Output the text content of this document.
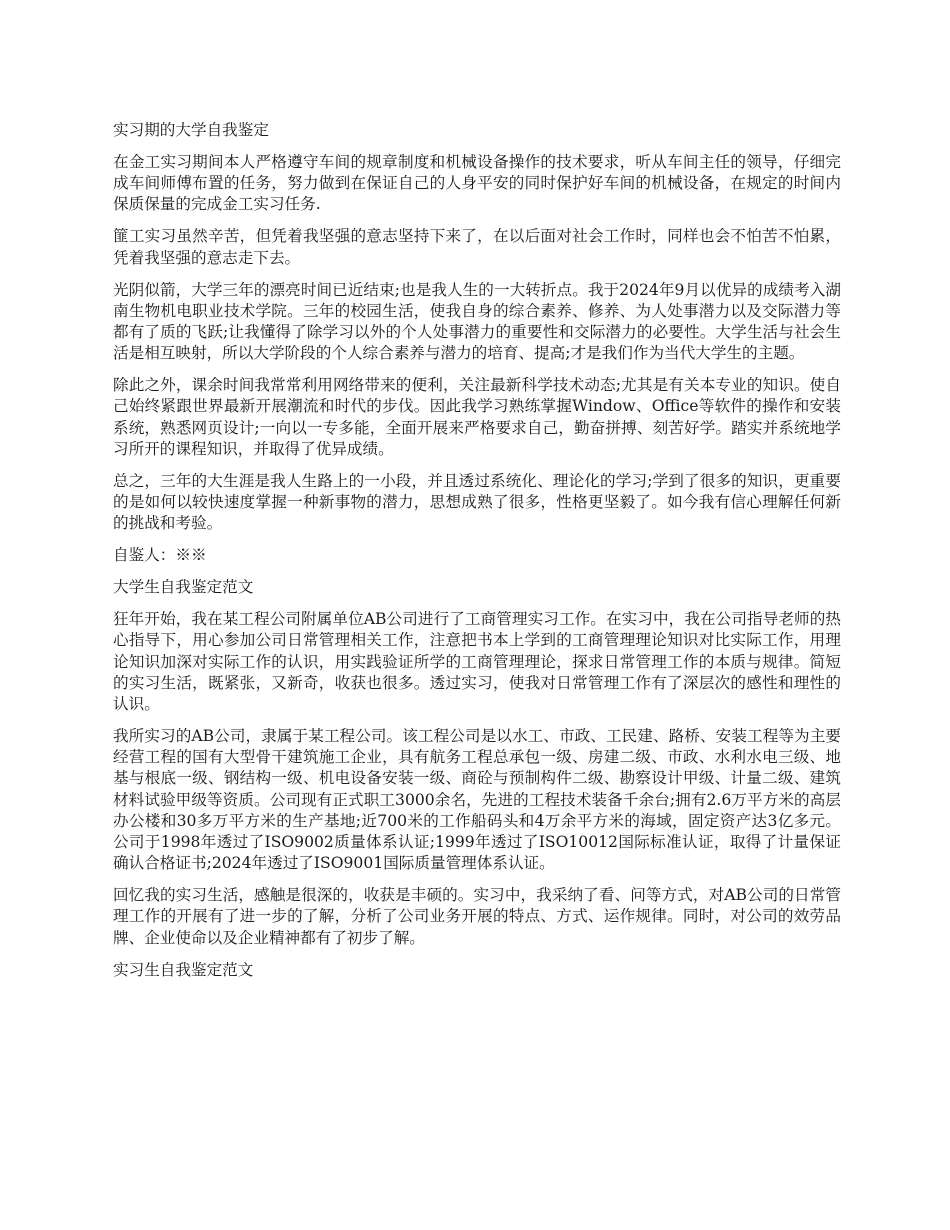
实习期的大学自我鉴定

在金工实习期间本人严格遵守车间的规章制度和机械设备操作的技术要求，听从车间主任的领导，仔细完成车间师傅布置的任务，努力做到在保证自己的人身平安的同时保护好车间的机械设备，在规定的时间内保质保量的完成金工实习任务.

篚工实习虽然辛苦，但凭着我坚强的意志坚持下来了，在以后面对社会工作时，同样也会不怕苦不怕累，凭着我坚强的意志走下去。

光阴似箭，大学三年的漂亮时间已近结束;也是我人生的一大转折点。我于2024年9月以优异的成绩考入湖南生物机电职业技术学院。三年的校园生活，使我自身的综合素养、修养、为人处事潜力以及交际潜力等都有了质的飞跃;让我懂得了除学习以外的个人处事潜力的重要性和交际潜力的必要性。大学生活与社会生活是相互映射，所以大学阶段的个人综合素养与潜力的培育、提高;才是我们作为当代大学生的主题。

除此之外，课余时间我常常利用网络带来的便利，关注最新科学技术动态;尤其是有关本专业的知识。使自己始终紧跟世界最新开展潮流和时代的步伐。因此我学习熟练掌握Window、Office等软件的操作和安装系统，熟悉网页设计;一向以一专多能，全面开展来严格要求自己，勤奋拼搏、刻苦好学。踏实并系统地学习所开的课程知识，并取得了优异成绩。

总之，三年的大生涯是我人生路上的一小段，并且透过系统化、理论化的学习;学到了很多的知识，更重要的是如何以较快速度掌握一种新事物的潜力，思想成熟了很多，性格更坚毅了。如今我有信心理解任何新的挑战和考验。

自鉴人：※※

大学生自我鉴定范文

狂年开始，我在某工程公司附属单位AB公司进行了工商管理实习工作。在实习中，我在公司指导老师的热心指导下，用心参加公司日常管理相关工作，注意把书本上学到的工商管理理论知识对比实际工作，用理论知识加深对实际工作的认识，用实践验证所学的工商管理理论，探求日常管理工作的本质与规律。简短的实习生活，既紧张，又新奇，收获也很多。透过实习，使我对日常管理工作有了深层次的感性和理性的认识。

我所实习的AB公司，隶属于某工程公司。该工程公司是以水工、市政、工民建、路桥、安装工程等为主要经营工程的国有大型骨干建筑施工企业，具有航务工程总承包一级、房建二级、市政、水利水电三级、地基与根底一级、钢结构一级、机电设备安装一级、商砼与预制构件二级、勘察设计甲级、计量二级、建筑材料试验甲级等资质。公司现有正式职工3000余名，先进的工程技术装备千余台;拥有2.6万平方米的高层办公楼和30多万平方米的生产基地;近700米的工作船码头和4万余平方米的海域，固定资产达3亿多元。公司于1998年透过了ISO9002质量体系认证;1999年透过了ISO10012国际标准认证，取得了计量保证确认合格证书;2024年透过了ISO9001国际质量管理体系认证。

回忆我的实习生活，感触是很深的，收获是丰硕的。实习中，我采纳了看、问等方式，对AB公司的日常管理工作的开展有了进一步的了解，分析了公司业务开展的特点、方式、运作规律。同时，对公司的效劳品牌、企业使命以及企业精神都有了初步了解。

实习生自我鉴定范文
